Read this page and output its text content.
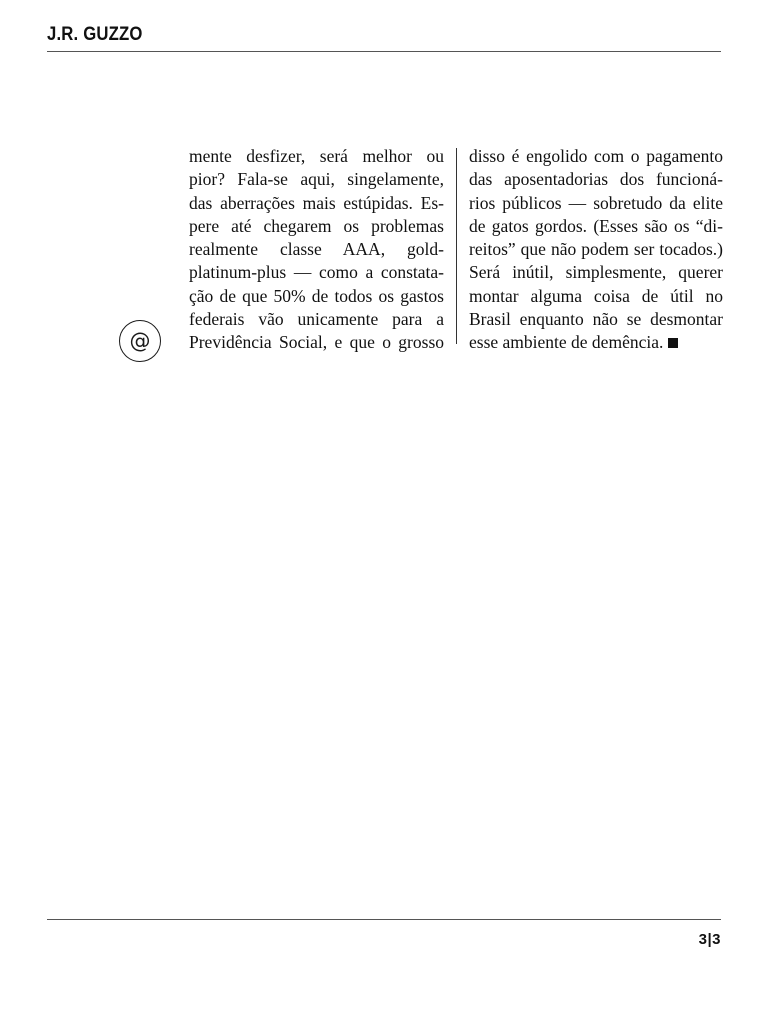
J.R. GUZZO
@
mente desfizer, será melhor ou
pior? Fala-se aqui, singelamente,
das aberrações mais estúpidas. Es-
pere até chegarem os problemas
realmente classe AAA, gold-
platinum-plus — como a constata-
ção de que 50% de todos os gastos
federais vão unicamente para a
Previdência Social, e que o grosso
disso é engolido com o pagamento
das aposentadorias dos funcioná-
rios públicos — sobretudo da elite
de gatos gordos. (Esses são os “di-
reitos” que não podem ser tocados.)
Será inútil, simplesmente, querer
montar alguma coisa de útil no
Brasil enquanto não se desmontar
esse ambiente de demência.
3|3
